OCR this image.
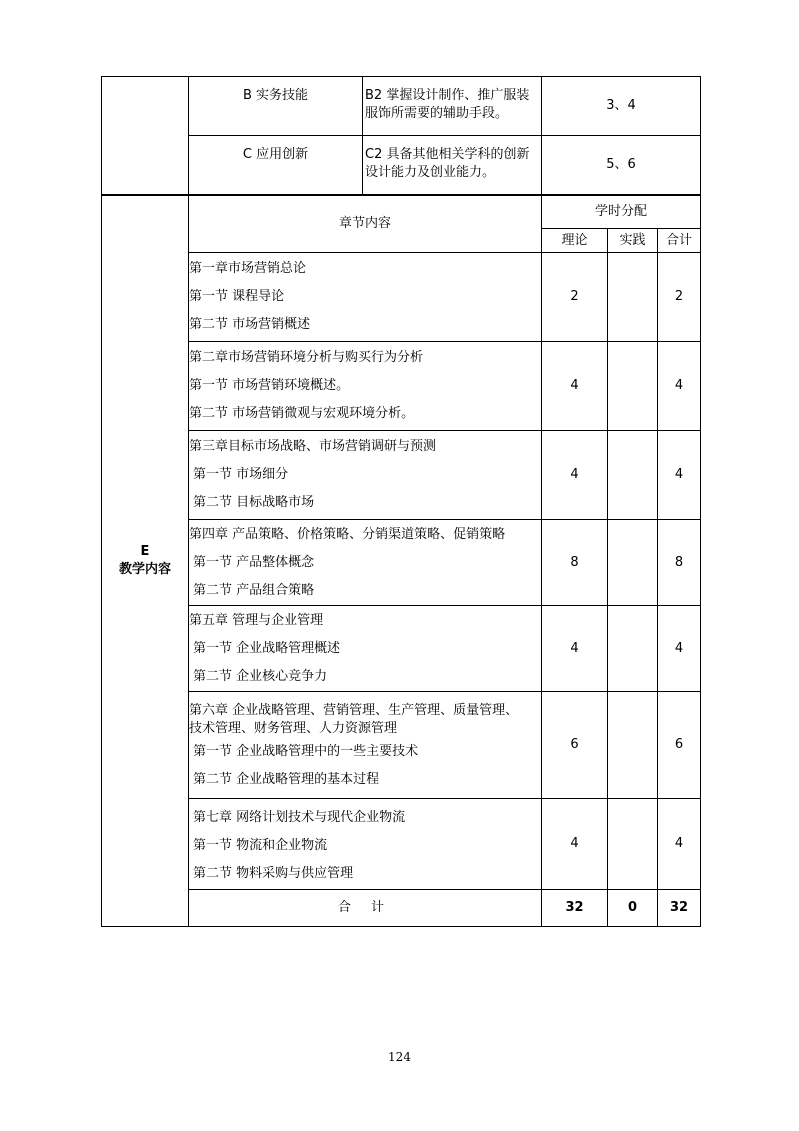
	B 实务技能	B2 掌握设计制作、推广服装服饰所需要的辅助手段。	3、4
	C 应用创新	C2 具备其他相关学科的创新设计能力及创业能力。	5、6
E
教学内容	章节内容	学时分配		
		理论	实践	合计

	第一章市场营销总论
第一节 课程导论
第二节 市场营销概述	2		2

	第二章市场营销环境分析与购买行为分析
第一节 市场营销环境概述。
第二节 市场营销微观与宏观环境分析。	4		4

	第三章目标市场战略、市场营销调研与预测
第一节 市场细分
第二节 目标战略市场	4		4

	第四章 产品策略、价格策略、分销渠道策略、促销策略
第一节 产品整体概念
第二节 产品组合策略	8		8

	第五章 管理与企业管理
第一节 企业战略管理概述
第二节 企业核心竞争力	4		4

	第六章 企业战略管理、营销管理、生产管理、质量管理、
技术管理、财务管理、人力资源管理
第一节 企业战略管理中的一些主要技术
第二节 企业战略管理的基本过程	6		6

	第七章 网络计划技术与现代企业物流
第一节 物流和企业物流
第二节 物料采购与供应管理	4		4
	合 计	32	0	32
124
